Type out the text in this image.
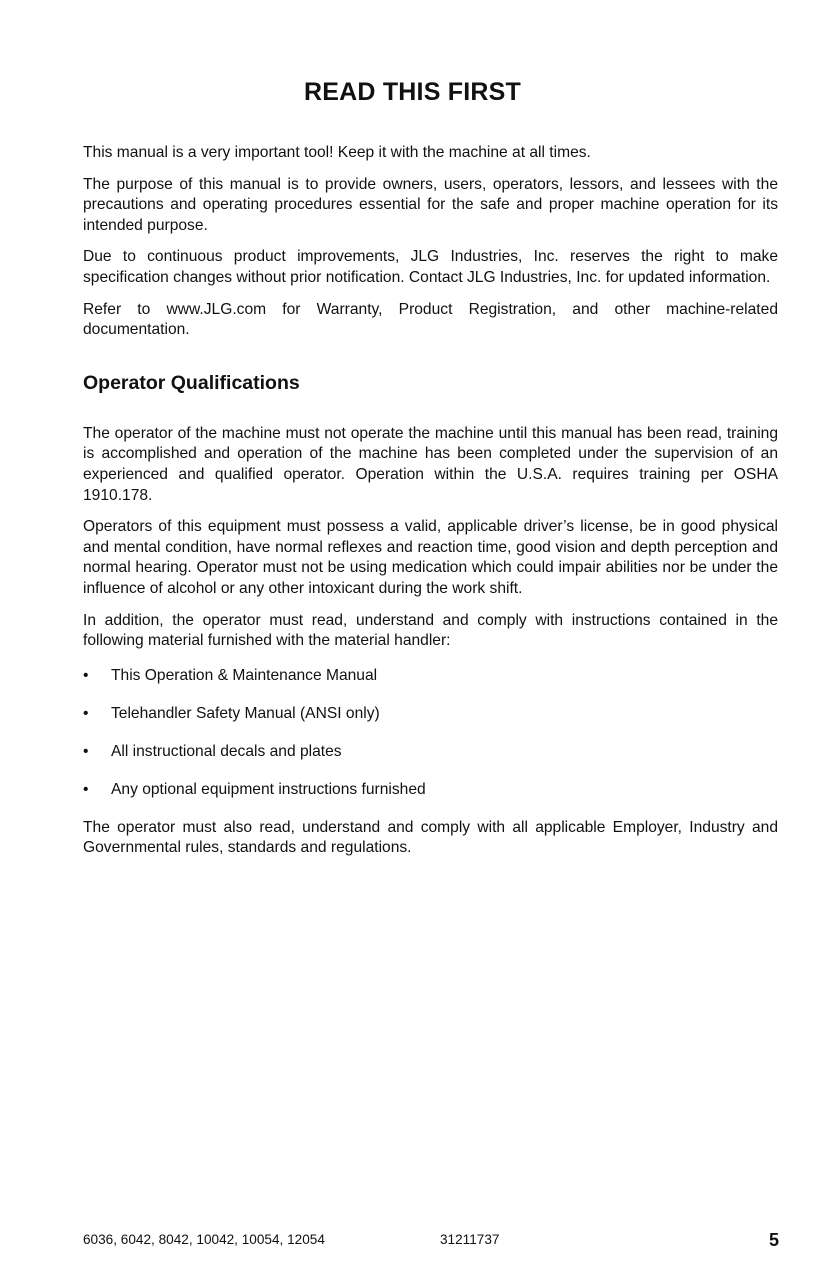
READ THIS FIRST

This manual is a very important tool! Keep it with the machine at all times.

The purpose of this manual is to provide owners, users, operators, lessors, and lessees with the precautions and operating procedures essential for the safe and proper machine operation for its intended purpose.

Due to continuous product improvements, JLG Industries, Inc. reserves the right to make specification changes without prior notification. Contact JLG Industries, Inc. for updated information.

Refer to www.JLG.com for Warranty, Product Registration, and other machine-related documentation.

Operator Qualifications

The operator of the machine must not operate the machine until this manual has been read, training is accomplished and operation of the machine has been completed under the supervision of an experienced and qualified operator. Operation within the U.S.A. requires training per OSHA 1910.178.

Operators of this equipment must possess a valid, applicable driver’s license, be in good physical and mental condition, have normal reflexes and reaction time, good vision and depth perception and normal hearing. Operator must not be using medication which could impair abilities nor be under the influence of alcohol or any other intoxicant during the work shift.

In addition, the operator must read, understand and comply with instructions contained in the following material furnished with the material handler:

• This Operation & Maintenance Manual
• Telehandler Safety Manual (ANSI only)
• All instructional decals and plates
• Any optional equipment instructions furnished

The operator must also read, understand and comply with all applicable Employer, Industry and Governmental rules, standards and regulations.

6036, 6042, 8042, 10042, 10054, 12054	31211737	5
